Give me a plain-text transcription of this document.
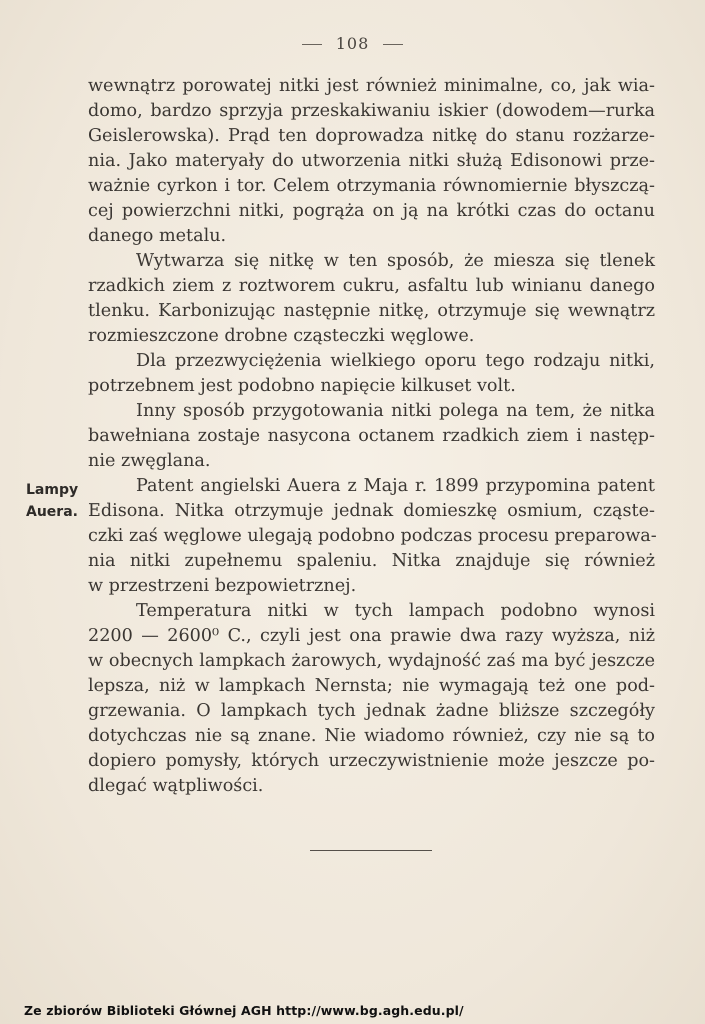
108
Lampy
Auera.
wewnątrz porowatej nitki jest również minimalne, co, jak wia-
domo, bardzo sprzyja przeskakiwaniu iskier (dowodem—rurka
Geislerowska). Prąd ten doprowadza nitkę do stanu rozżarze-
nia. Jako materyały do utworzenia nitki służą Edisonowi prze-
ważnie cyrkon i tor. Celem otrzymania równomiernie błyszczą-
cej powierzchni nitki, pogrąża on ją na krótki czas do octanu
danego metalu.
Wytwarza się nitkę w ten sposób, że miesza się tlenek
rzadkich ziem z roztworem cukru, asfaltu lub winianu danego
tlenku. Karbonizując następnie nitkę, otrzymuje się wewnątrz
rozmieszczone drobne cząsteczki węglowe.
Dla przezwyciężenia wielkiego oporu tego rodzaju nitki,
potrzebnem jest podobno napięcie kilkuset volt.
Inny sposób przygotowania nitki polega na tem, że nitka
bawełniana zostaje nasycona octanem rzadkich ziem i następ-
nie zwęglana.
Patent angielski Auera z Maja r. 1899 przypomina patent
Edisona. Nitka otrzymuje jednak domieszkę osmium, cząste-
czki zaś węglowe ulegają podobno podczas procesu preparowa-
nia nitki zupełnemu spaleniu. Nitka znajduje się również
w przestrzeni bezpowietrznej.
Temperatura nitki w tych lampach podobno wynosi
2200 — 2600⁰ C., czyli jest ona prawie dwa razy wyższa, niż
w obecnych lampkach żarowych, wydajność zaś ma być jeszcze
lepsza, niż w lampkach Nernsta; nie wymagają też one pod-
grzewania. O lampkach tych jednak żadne bliższe szczegóły
dotychczas nie są znane. Nie wiadomo również, czy nie są to
dopiero pomysły, których urzeczywistnienie może jeszcze po-
dlegać wątpliwości.
Ze zbiorów Biblioteki Głównej AGH http://www.bg.agh.edu.pl/
